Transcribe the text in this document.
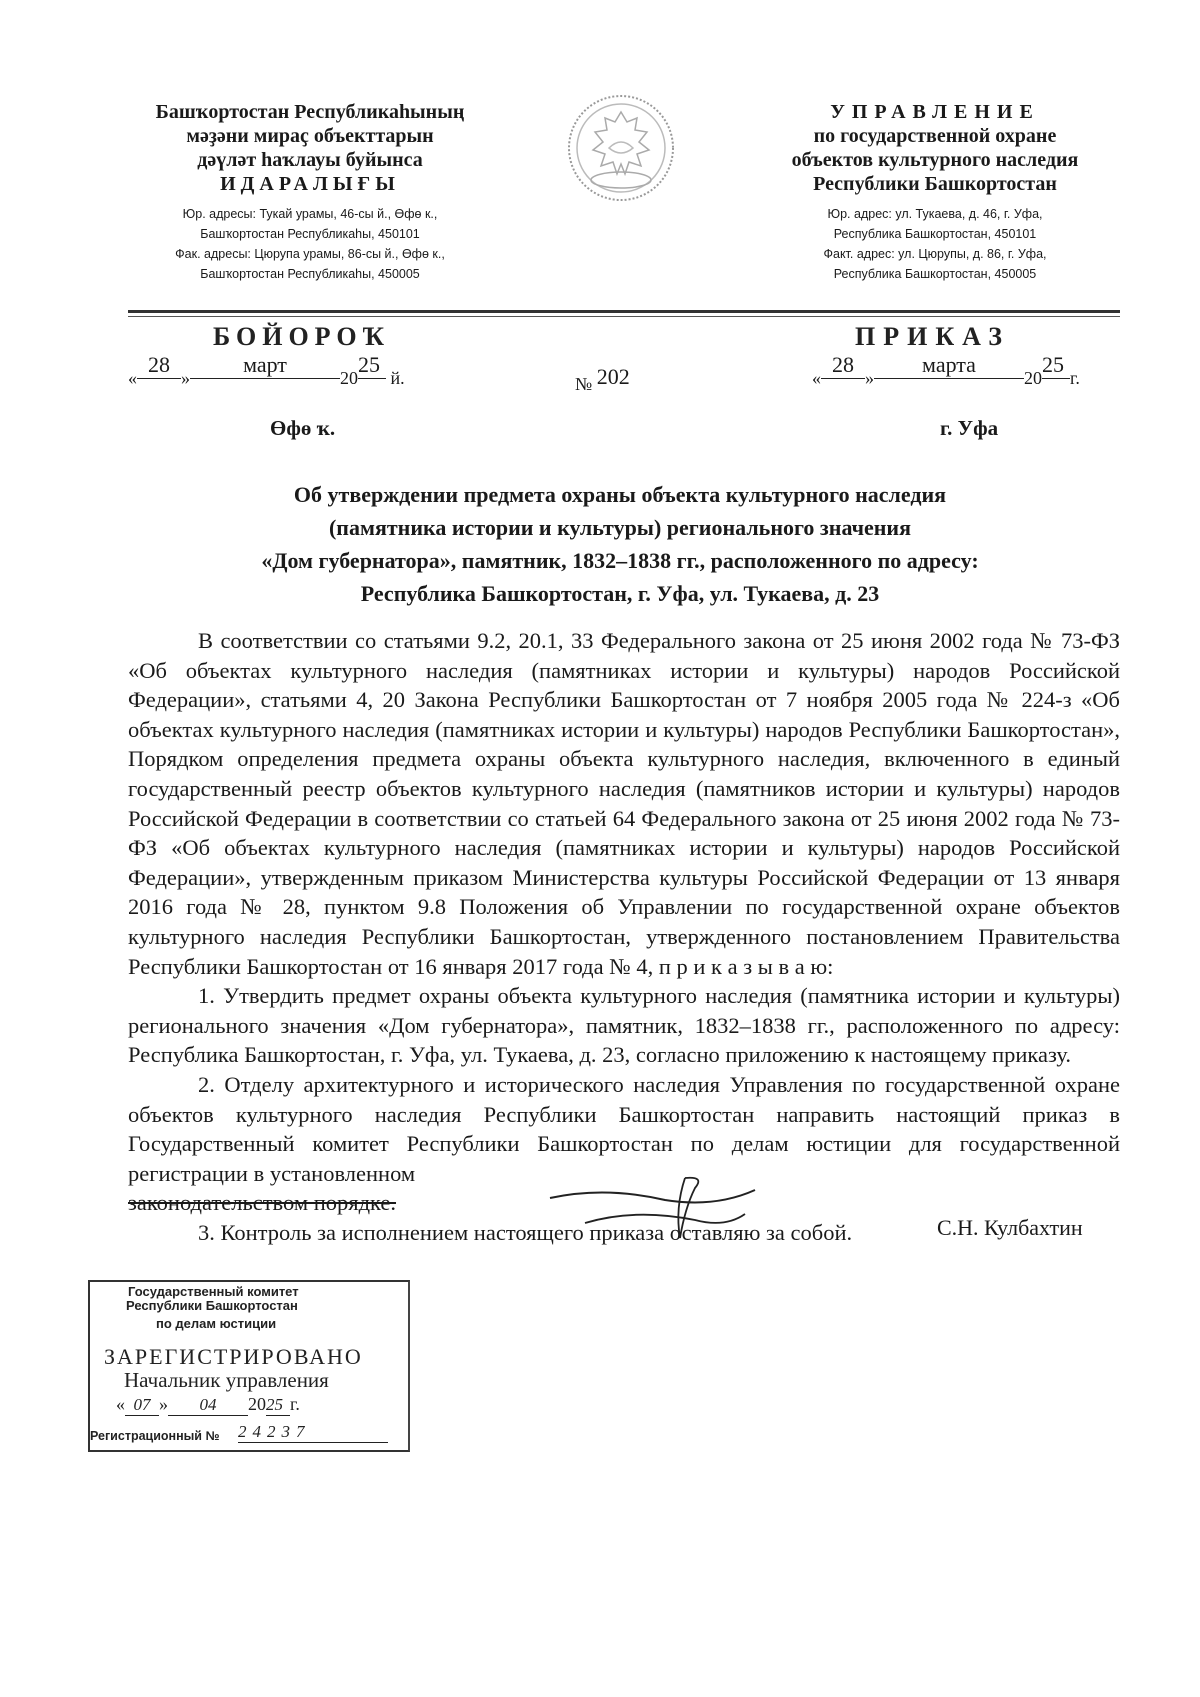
Башҡортостан Республикаһының
мәҙәни мираҫ объекттарын
дәүләт һаҡлауы буйынса
ИДАРАЛЫҒЫ
Юр. адресы: Тукай урамы, 46-сы й., Өфө к.,
Башҡортостан Республикаһы, 450101
Фак. адресы: Цюрупа урамы, 86-сы й., Өфө к.,
Башҡортостан Республикаһы, 450005
УПРАВЛЕНИЕ
по государственной охране
объектов культурного наследия
Республики Башкортостан
Юр. адрес: ул. Тукаева, д. 46, г. Уфа,
Республика Башкортостан, 450101
Факт. адрес: ул. Цюрупы, д. 86, г. Уфа,
Республика Башкортостан, 450005
БОЙОРОҠ	ПРИКАЗ
«28»март2025 й.	№ 202	«28»марта2025г.
Өфө ҡ.	г. Уфа
Об утверждении предмета охраны объекта культурного наследия
(памятника истории и культуры) регионального значения
«Дом губернатора», памятник, 1832–1838 гг., расположенного по адресу:
Республика Башкортостан, г. Уфа, ул. Тукаева, д. 23

В соответствии со статьями 9.2, 20.1, 33 Федерального закона от 25 июня 2002 года № 73-ФЗ «Об объектах культурного наследия (памятниках истории и культуры) народов Российской Федерации», статьями 4, 20 Закона Республики Башкортостан от 7 ноября 2005 года № 224-з «Об объектах культурного наследия (памятниках истории и культуры) народов Республики Башкортостан», Порядком определения предмета охраны объекта культурного наследия, включенного в единый государственный реестр объектов культурного наследия (памятников истории и культуры) народов Российской Федерации в соответствии со статьей 64 Федерального закона от 25 июня 2002 года № 73-ФЗ «Об объектах культурного наследия (памятниках истории и культуры) народов Российской Федерации», утвержденным приказом Министерства культуры Российской Федерации от 13 января 2016 года № 28, пунктом 9.8 Положения об Управлении по государственной охране объектов культурного наследия Республики Башкортостан, утвержденного постановлением Правительства Республики Башкортостан от 16 января 2017 года № 4, п р и к а з ы в а ю:

1. Утвердить предмет охраны объекта культурного наследия (памятника истории и культуры) регионального значения «Дом губернатора», памятник, 1832–1838 гг., расположенного по адресу: Республика Башкортостан, г. Уфа, ул. Тукаева, д. 23, согласно приложению к настоящему приказу.

2. Отделу архитектурного и исторического наследия Управления по государственной охране объектов культурного наследия Республики Башкортостан направить настоящий приказ в Государственный комитет Республики Башкортостан по делам юстиции для государственной регистрации в установленном

законодательством порядке.

3. Контроль за исполнением настоящего приказа оставляю за собой.	С.Н. Кулбахтин
Государственный комитет
Республики Башкортостан
по делам юстиции
ЗАРЕГИСТРИРОВАНО
Начальник управления
« 07 » 04 2025 г.
Регистрационный № 24237
